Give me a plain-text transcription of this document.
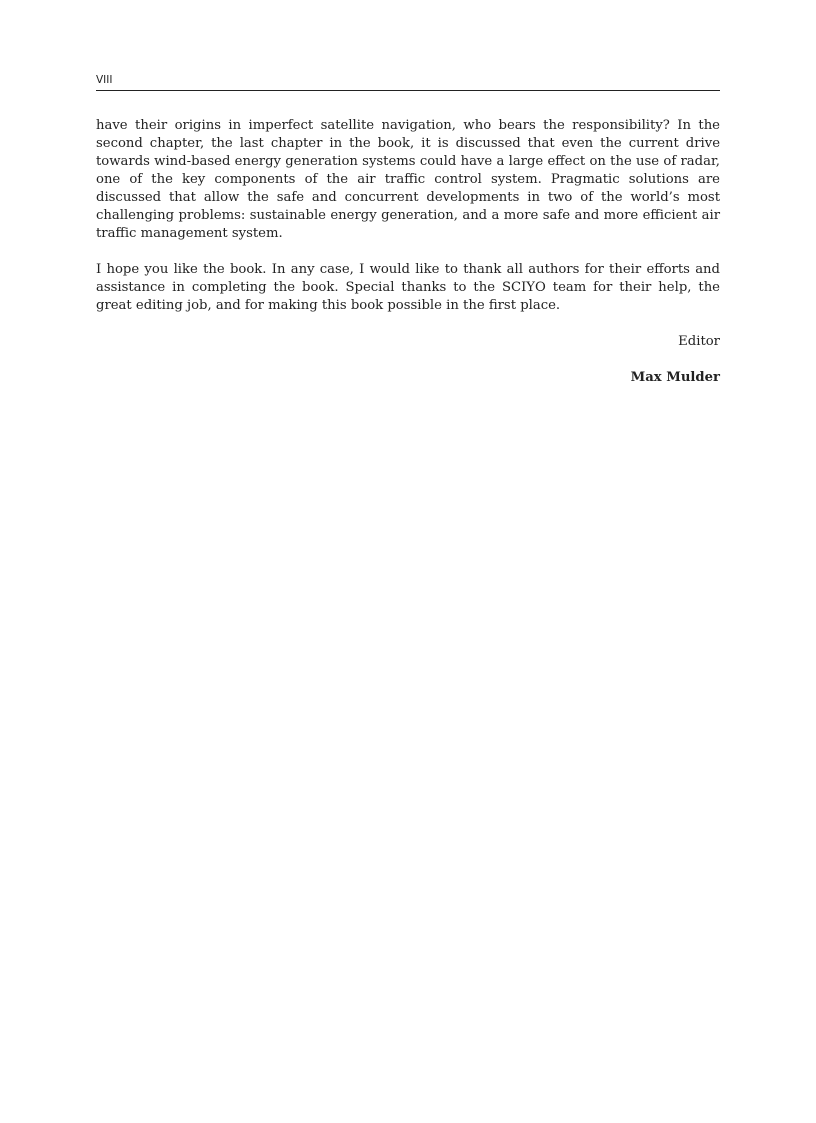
VIII

have their origins in imperfect satellite navigation, who bears the responsibility? In the second chapter, the last chapter in the book, it is discussed that even the current drive towards wind-based energy generation systems could have a large effect on the use of radar, one of the key components of the air traffic control system. Pragmatic solutions are discussed that allow the safe and concurrent developments in two of the world’s most challenging problems: sustainable energy generation, and a more safe and more efficient air traffic management system.

I hope you like the book. In any case, I would like to thank all authors for their efforts and assistance in completing the book. Special thanks to the SCIYO team for their help, the great editing job, and for making this book possible in the first place.

Editor
Max Mulder
